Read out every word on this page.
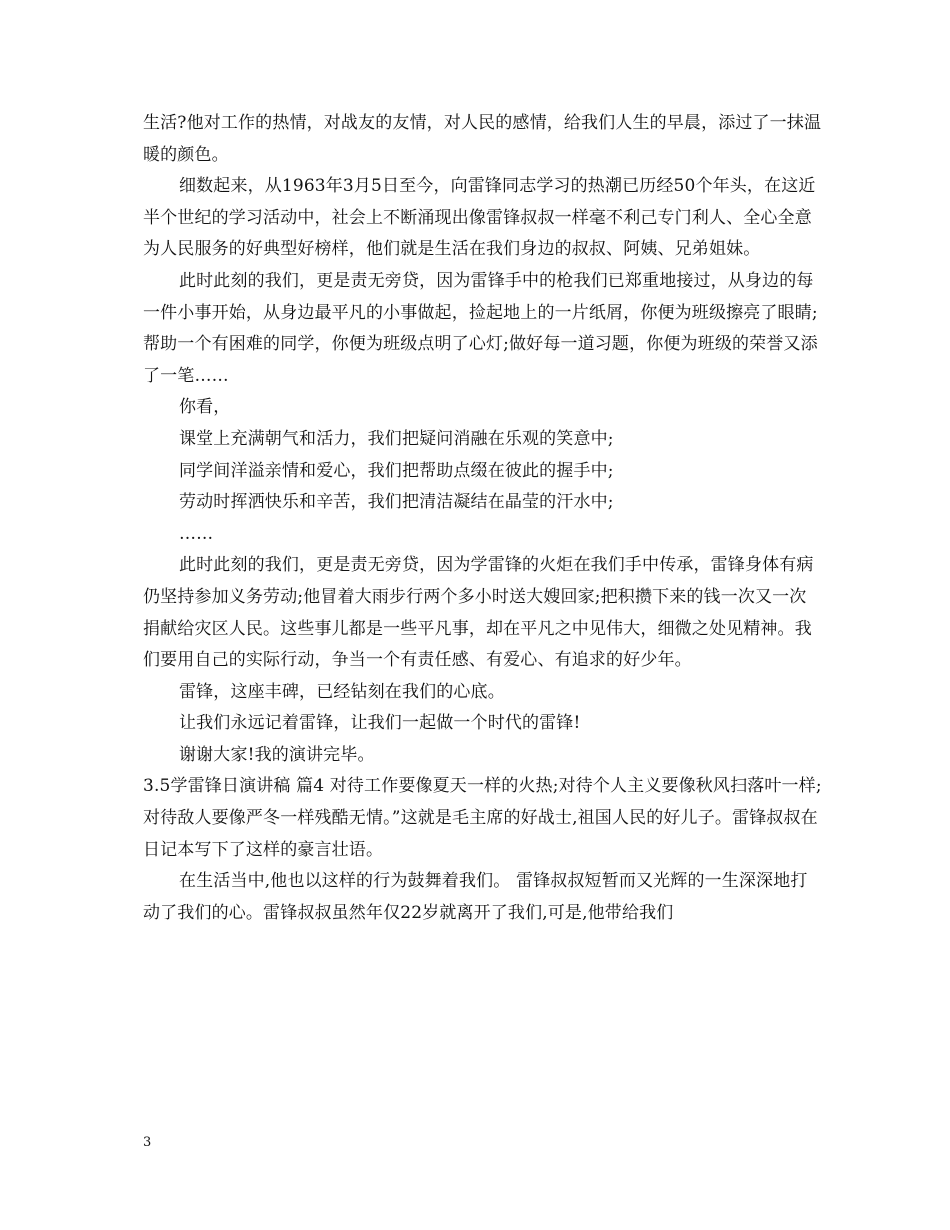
生活?他对工作的热情，对战友的友情，对人民的感情，给我们人生的早晨，添过了一抹温暖的颜色。

细数起来，从1963年3月5日至今，向雷锋同志学习的热潮已历经50个年头，在这近半个世纪的学习活动中，社会上不断涌现出像雷锋叔叔一样毫不利己专门利人、全心全意为人民服务的好典型好榜样，他们就是生活在我们身边的叔叔、阿姨、兄弟姐妹。

此时此刻的我们，更是责无旁贷，因为雷锋手中的枪我们已郑重地接过，从身边的每一件小事开始，从身边最平凡的小事做起，捡起地上的一片纸屑，你便为班级擦亮了眼睛;帮助一个有困难的同学，你便为班级点明了心灯;做好每一道习题，你便为班级的荣誉又添了一笔……

你看，

课堂上充满朝气和活力，我们把疑问消融在乐观的笑意中;

同学间洋溢亲情和爱心，我们把帮助点缀在彼此的握手中;

劳动时挥洒快乐和辛苦，我们把清洁凝结在晶莹的汗水中;

……

此时此刻的我们，更是责无旁贷，因为学雷锋的火炬在我们手中传承，雷锋身体有病仍坚持参加义务劳动;他冒着大雨步行两个多小时送大嫂回家;把积攒下来的钱一次又一次捐献给灾区人民。这些事儿都是一些平凡事，却在平凡之中见伟大，细微之处见精神。我们要用自己的实际行动，争当一个有责任感、有爱心、有追求的好少年。

雷锋，这座丰碑，已经钻刻在我们的心底。

让我们永远记着雷锋，让我们一起做一个时代的雷锋!

谢谢大家!我的演讲完毕。

3.5学雷锋日演讲稿 篇4 对待工作要像夏天一样的火热;对待个人主义要像秋风扫落叶一样;对待敌人要像严冬一样残酷无情。”这就是毛主席的好战士,祖国人民的好儿子。雷锋叔叔在日记本写下了这样的豪言壮语。

在生活当中,他也以这样的行为鼓舞着我们。 雷锋叔叔短暂而又光辉的一生深深地打动了我们的心。雷锋叔叔虽然年仅22岁就离开了我们,可是,他带给我们

3
